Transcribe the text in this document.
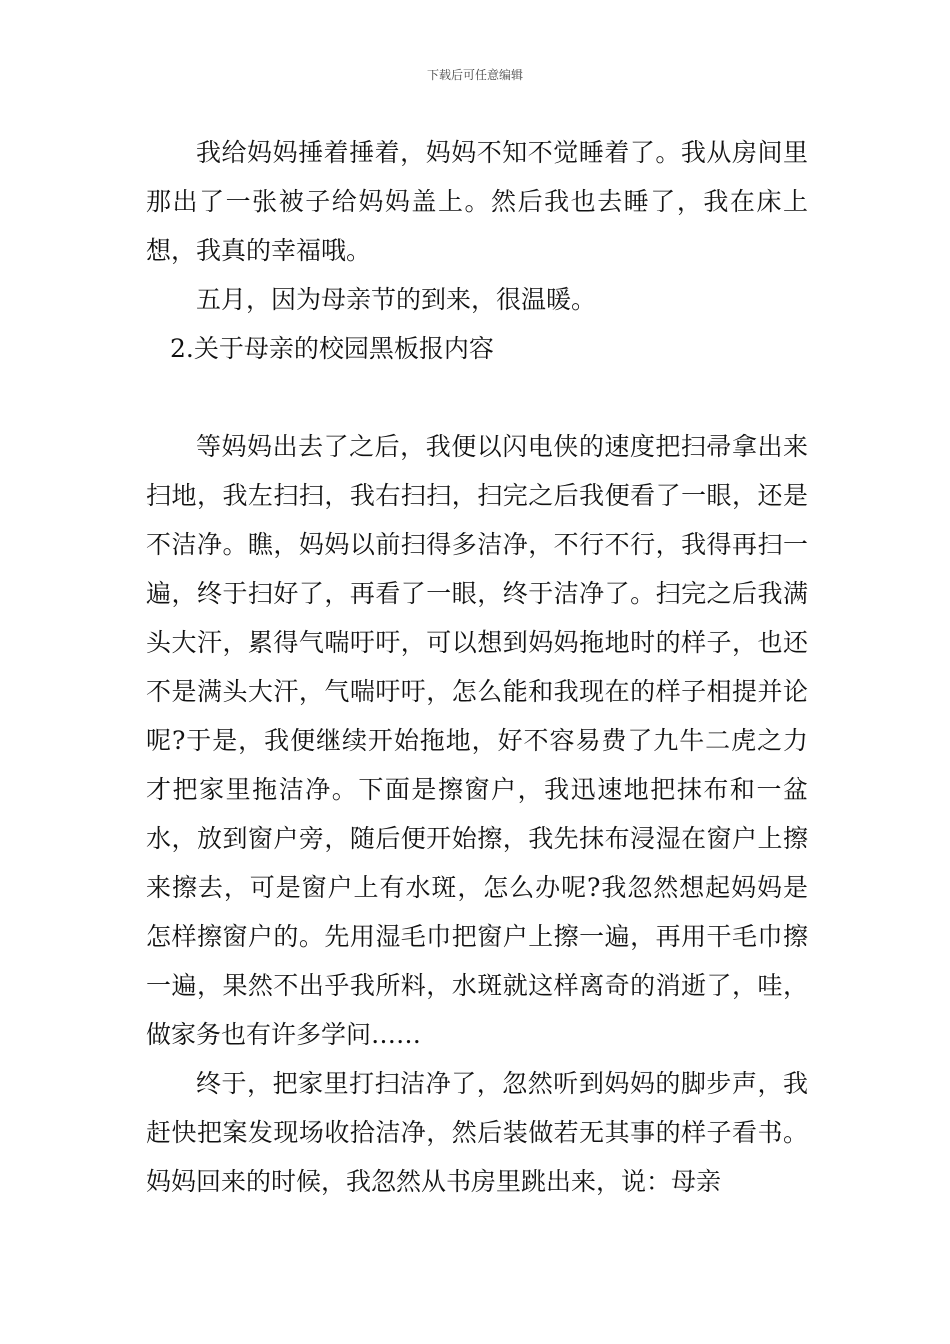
下载后可任意编辑

我给妈妈捶着捶着，妈妈不知不觉睡着了。我从房间里那出了一张被子给妈妈盖上。然后我也去睡了，我在床上想，我真的幸福哦。

五月，因为母亲节的到来，很温暖。

2.关于母亲的校园黑板报内容

等妈妈出去了之后，我便以闪电侠的速度把扫帚拿出来扫地，我左扫扫，我右扫扫，扫完之后我便看了一眼，还是不洁净。瞧，妈妈以前扫得多洁净，不行不行，我得再扫一遍，终于扫好了，再看了一眼，终于洁净了。扫完之后我满头大汗，累得气喘吁吁，可以想到妈妈拖地时的样子，也还不是满头大汗，气喘吁吁，怎么能和我现在的样子相提并论呢?于是，我便继续开始拖地，好不容易费了九牛二虎之力才把家里拖洁净。下面是擦窗户，我迅速地把抹布和一盆水，放到窗户旁，随后便开始擦，我先抹布浸湿在窗户上擦来擦去，可是窗户上有水斑，怎么办呢?我忽然想起妈妈是怎样擦窗户的。先用湿毛巾把窗户上擦一遍，再用干毛巾擦一遍，果然不出乎我所料，水斑就这样离奇的消逝了，哇，做家务也有许多学问……

终于，把家里打扫洁净了，忽然听到妈妈的脚步声，我赶快把案发现场收拾洁净，然后装做若无其事的样子看书。妈妈回来的时候，我忽然从书房里跳出来，说：母亲
